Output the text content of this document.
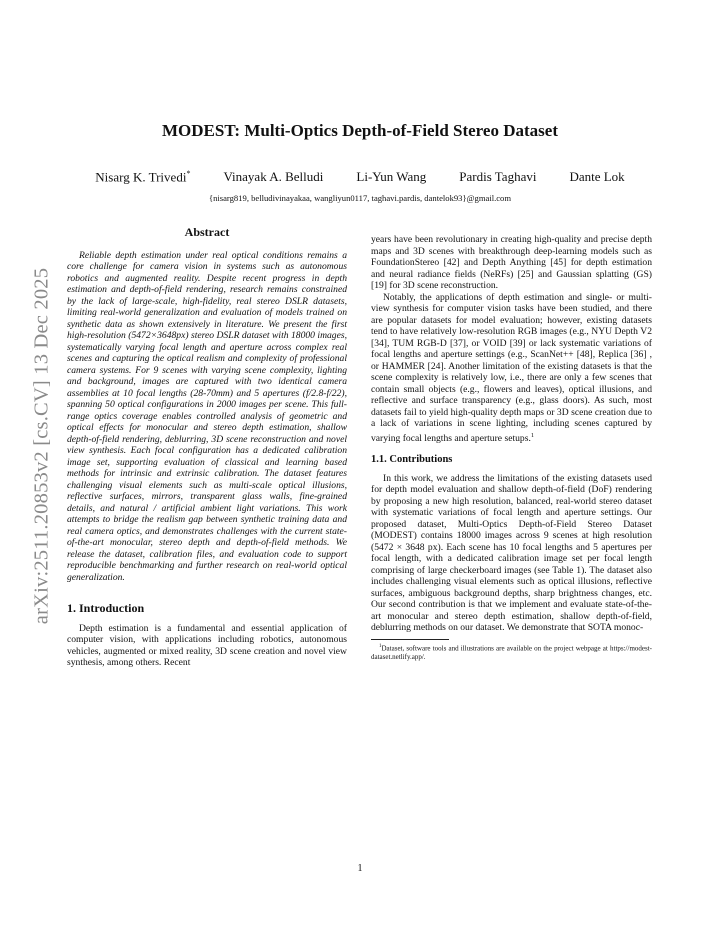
arXiv:2511.20853v2 [cs.CV] 13 Dec 2025
MODEST: Multi-Optics Depth-of-Field Stereo Dataset
Nisarg K. Trivedi*	Vinayak A. Belludi	Li-Yun Wang	Pardis Taghavi	Dante Lok
{nisarg819, belludivinayakaa, wangliyun0117, taghavi.pardis, dantelok93}@gmail.com
Abstract

Reliable depth estimation under real optical conditions remains a core challenge for camera vision in systems such as autonomous robotics and augmented reality. Despite recent progress in depth estimation and depth-of-field rendering, research remains constrained by the lack of large-scale, high-fidelity, real stereo DSLR datasets, limiting real-world generalization and evaluation of models trained on synthetic data as shown extensively in literature. We present the first high-resolution (5472×3648px) stereo DSLR dataset with 18000 images, systematically varying focal length and aperture across complex real scenes and capturing the optical realism and complexity of professional camera systems. For 9 scenes with varying scene complexity, lighting and background, images are captured with two identical camera assemblies at 10 focal lengths (28-70mm) and 5 apertures (f/2.8-f/22), spanning 50 optical configurations in 2000 images per scene. This full-range optics coverage enables controlled analysis of geometric and optical effects for monocular and stereo depth estimation, shallow depth-of-field rendering, deblurring, 3D scene reconstruction and novel view synthesis. Each focal configuration has a dedicated calibration image set, supporting evaluation of classical and learning based methods for intrinsic and extrinsic calibration. The dataset features challenging visual elements such as multi-scale optical illusions, reflective surfaces, mirrors, transparent glass walls, fine-grained details, and natural / artificial ambient light variations. This work attempts to bridge the realism gap between synthetic training data and real camera optics, and demonstrates challenges with the current state-of-the-art monocular, stereo depth and depth-of-field methods. We release the dataset, calibration files, and evaluation code to support reproducible benchmarking and further research on real-world optical generalization.

1. Introduction

Depth estimation is a fundamental and essential application of computer vision, with applications including robotics, autonomous vehicles, augmented or mixed reality, 3D scene creation and novel view synthesis, among others. Recent

years have been revolutionary in creating high-quality and precise depth maps and 3D scenes with breakthrough deep-learning models such as FoundationStereo [42] and Depth Anything [45] for depth estimation and neural radiance fields (NeRFs) [25] and Gaussian splatting (GS) [19] for 3D scene reconstruction.

Notably, the applications of depth estimation and single- or multi-view synthesis for computer vision tasks have been studied, and there are popular datasets for model evaluation; however, existing datasets tend to have relatively low-resolution RGB images (e.g., NYU Depth V2 [34], TUM RGB-D [37], or VOID [39] or lack systematic variations of focal lengths and aperture settings (e.g., ScanNet++ [48], Replica [36] , or HAMMER [24]. Another limitation of the existing datasets is that the scene complexity is relatively low, i.e., there are only a few scenes that contain small objects (e.g., flowers and leaves), optical illusions, and reflective and surface transparency (e.g., glass doors). As such, most datasets fail to yield high-quality depth maps or 3D scene creation due to a lack of variations in scene lighting, including scenes captured by varying focal lengths and aperture setups.$^1$

1.1. Contributions

In this work, we address the limitations of the existing datasets used for depth model evaluation and shallow depth-of-field (DoF) rendering by proposing a new high resolution, balanced, real-world stereo dataset with systematic variations of focal length and aperture settings. Our proposed dataset, Multi-Optics Depth-of-Field Stereo Dataset (MODEST) contains 18000 images across 9 scenes at high resolution (5472 × 3648 px). Each scene has 10 focal lengths and 5 apertures per focal length, with a dedicated calibration image set per focal length comprising of large checkerboard images (see Table 1). The dataset also includes challenging visual elements such as optical illusions, reflective surfaces, ambiguous background depths, sharp brightness changes, etc. Our second contribution is that we implement and evaluate state-of-the-art monocular and stereo depth estimation, shallow depth-of-field, deblurring methods on our dataset. We demonstrate that SOTA monoc-

$^1$Dataset, software tools and illustrations are available on the project webpage at https://modest-dataset.netlify.app/.

1
